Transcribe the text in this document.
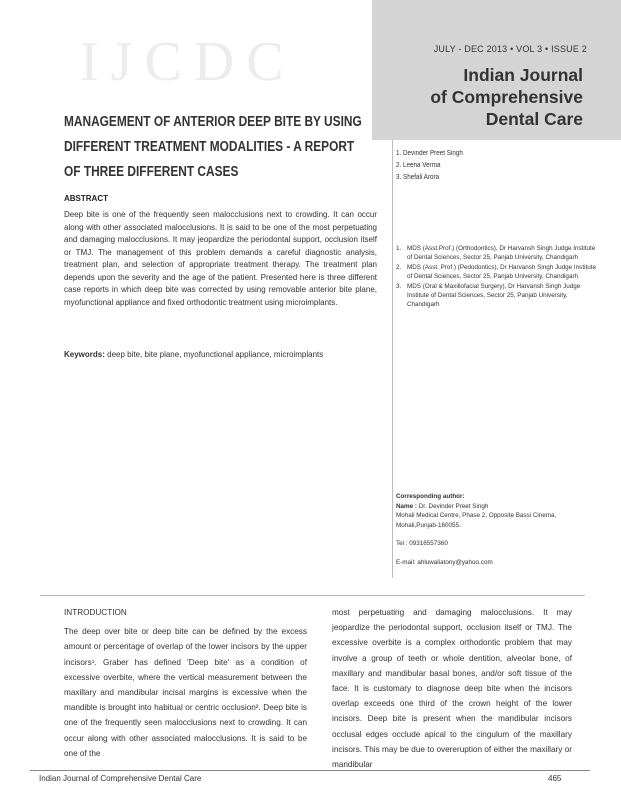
IJCDC	JULY - DEC 2013 • VOL 3 • ISSUE 2
Indian Journal
of Comprehensive
Dental Care
MANAGEMENT OF ANTERIOR DEEP BITE BY USING DIFFERENT TREATMENT MODALITIES - A REPORT OF THREE DIFFERENT CASES
ABSTRACT
Deep bite is one of the frequently seen malocclusions next to crowding. It can occur along with other associated malocclusions. It is said to be one of the most perpetuating and damaging malocclusions. It may jeopardize the periodontal support, occlusion itself or TMJ. The management of this problem demands a careful diagnostic analysis, treatment plan, and selection of appropriate treatment therapy. The treatment plan depends upon the severity and the age of the patient. Presented here is three different case reports in which deep bite was corrected by using removable anterior bite plane, myofunctional appliance and fixed orthodontic treatment using microimplants.
Keywords: deep bite, bite plane, myofunctional appliance, microimplants
1. Devinder Preet Singh
2. Leena Verma
3. Shefali Arora
1. MDS (Asst.Prof.) (Orthodontics), Dr Harvansh Singh Judge Institute of Dental Sciences, Sector 25, Panjab University, Chandigarh
2. MDS (Asst. Prof.) (Pedodontics), Dr Harvansh Singh Judge Institute of Dental Sciences, Sector 25, Panjab University, Chandigarh
3. MDS (Oral & Maxillofacial Surgery), Dr Harvansh Singh Judge Institute of Dental Sciences, Sector 25, Panjab University, Chandigarh
Corresponding author:
Name : Dr. Devinder Preet Singh
Mohali Medical Centre, Phase 2, Opposite Bassi Cinema,
Mohali,Punjab-160055.
Tel : 09316557360
E-mail: ahluwaliatony@yahoo.com
INTRODUCTION
The deep over bite or deep bite can be defined by the excess amount or percentage of overlap of the lower incisors by the upper incisors¹. Graber has defined 'Deep bite' as a condition of excessive overbite, where the vertical measurement between the maxillary and mandibular incisal margins is excessive when the mandible is brought into habitual or centric occlusion². Deep bite is one of the frequently seen malocclusions next to crowding. It can occur along with other associated malocclusions. It is said to be one of the
most perpetuating and damaging malocclusions. It may jeopardize the periodontal support, occlusion itself or TMJ. The excessive overbite is a complex orthodontic problem that may involve a group of teeth or whole dentition, alveolar bone, of maxillary and mandibular basal bones, and/or soft tissue of the face. It is customary to diagnose deep bite when the incisors overlap exceeds one third of the crown height of the lower incisors. Deep bite is present when the mandibular incisors occlusal edges occlude apical to the cingulum of the maxillary incisors. This may be due to overeruption of either the maxillary or mandibular
Indian Journal of Comprehensive Dental Care	465
